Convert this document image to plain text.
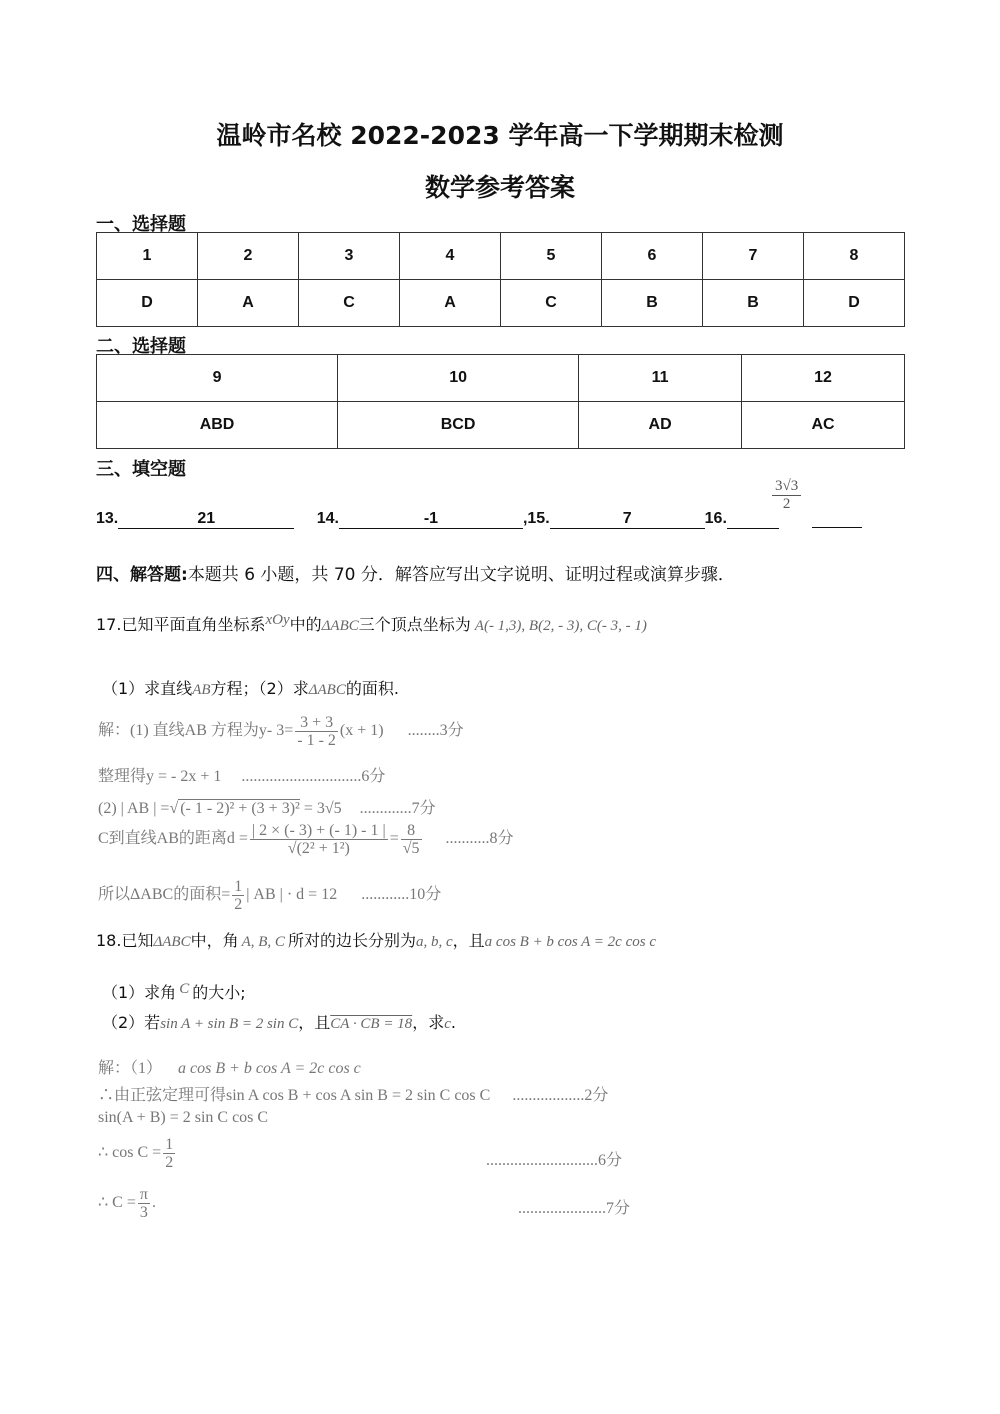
温岭市名校 2022-2023 学年高一下学期期末检测
数学参考答案
一、选择题
1	2	3	4	5	6	7	8
D	A	C	A	C	B	B	D
二、选择题
9	10	11	12
ABD	BCD	AD	AC
三、填空题
13.	21	14.	-1	,15.	7	16.
$\frac{3√3}{2}$
四、解答题:本题共 6 小题，共 70 分．解答应写出文字说明、证明过程或演算步骤．
17.已知平面直角坐标系xOy中的ΔABC三个顶点坐标为 A(- 1,3), B(2, - 3), C(- 3, - 1)
（1）求直线AB方程；（2）求ΔABC的面积.
解：(1) 直线AB 方程为y- $3= \frac{3 + 3}{- 1 - 2} (x + 1)$ ........3分
整理得y = - 2x + 1 ..............................6分
(2) | AB | =√ (- 1 - 2)² + (3 + 3)² = 3√5 .............7分
C到直线AB的距离$d = \frac{| 2 \times (- 3) + (- 1) - 1 |}{\text{√(2² + 1²)}} = \frac{8}{√5} ...........8$分
所以ΔABC的面积= $\frac{1}{2}$ | AB | · d = 12 ............10分
18.已知ΔABC中，角 A, B, C 所对的边长分别为a, b, c，且a cos B + b cos A = 2c cos c
（1）求角 C 的大小;
（2）若sin A + sin B = 2 sin C，且CA · CB = 18，求c.
解：（1） a cos B + b cos A = 2c cos c
∴由正弦定理可得sin A cos B + cos A sin B = 2 sin C cos C ..................2分
sin(A + B) = 2 sin C cos C
∴ $\cos C = \frac{1}{2}$	............................6分
∴ $C = \frac{\pi}{3}$ .	......................7分
